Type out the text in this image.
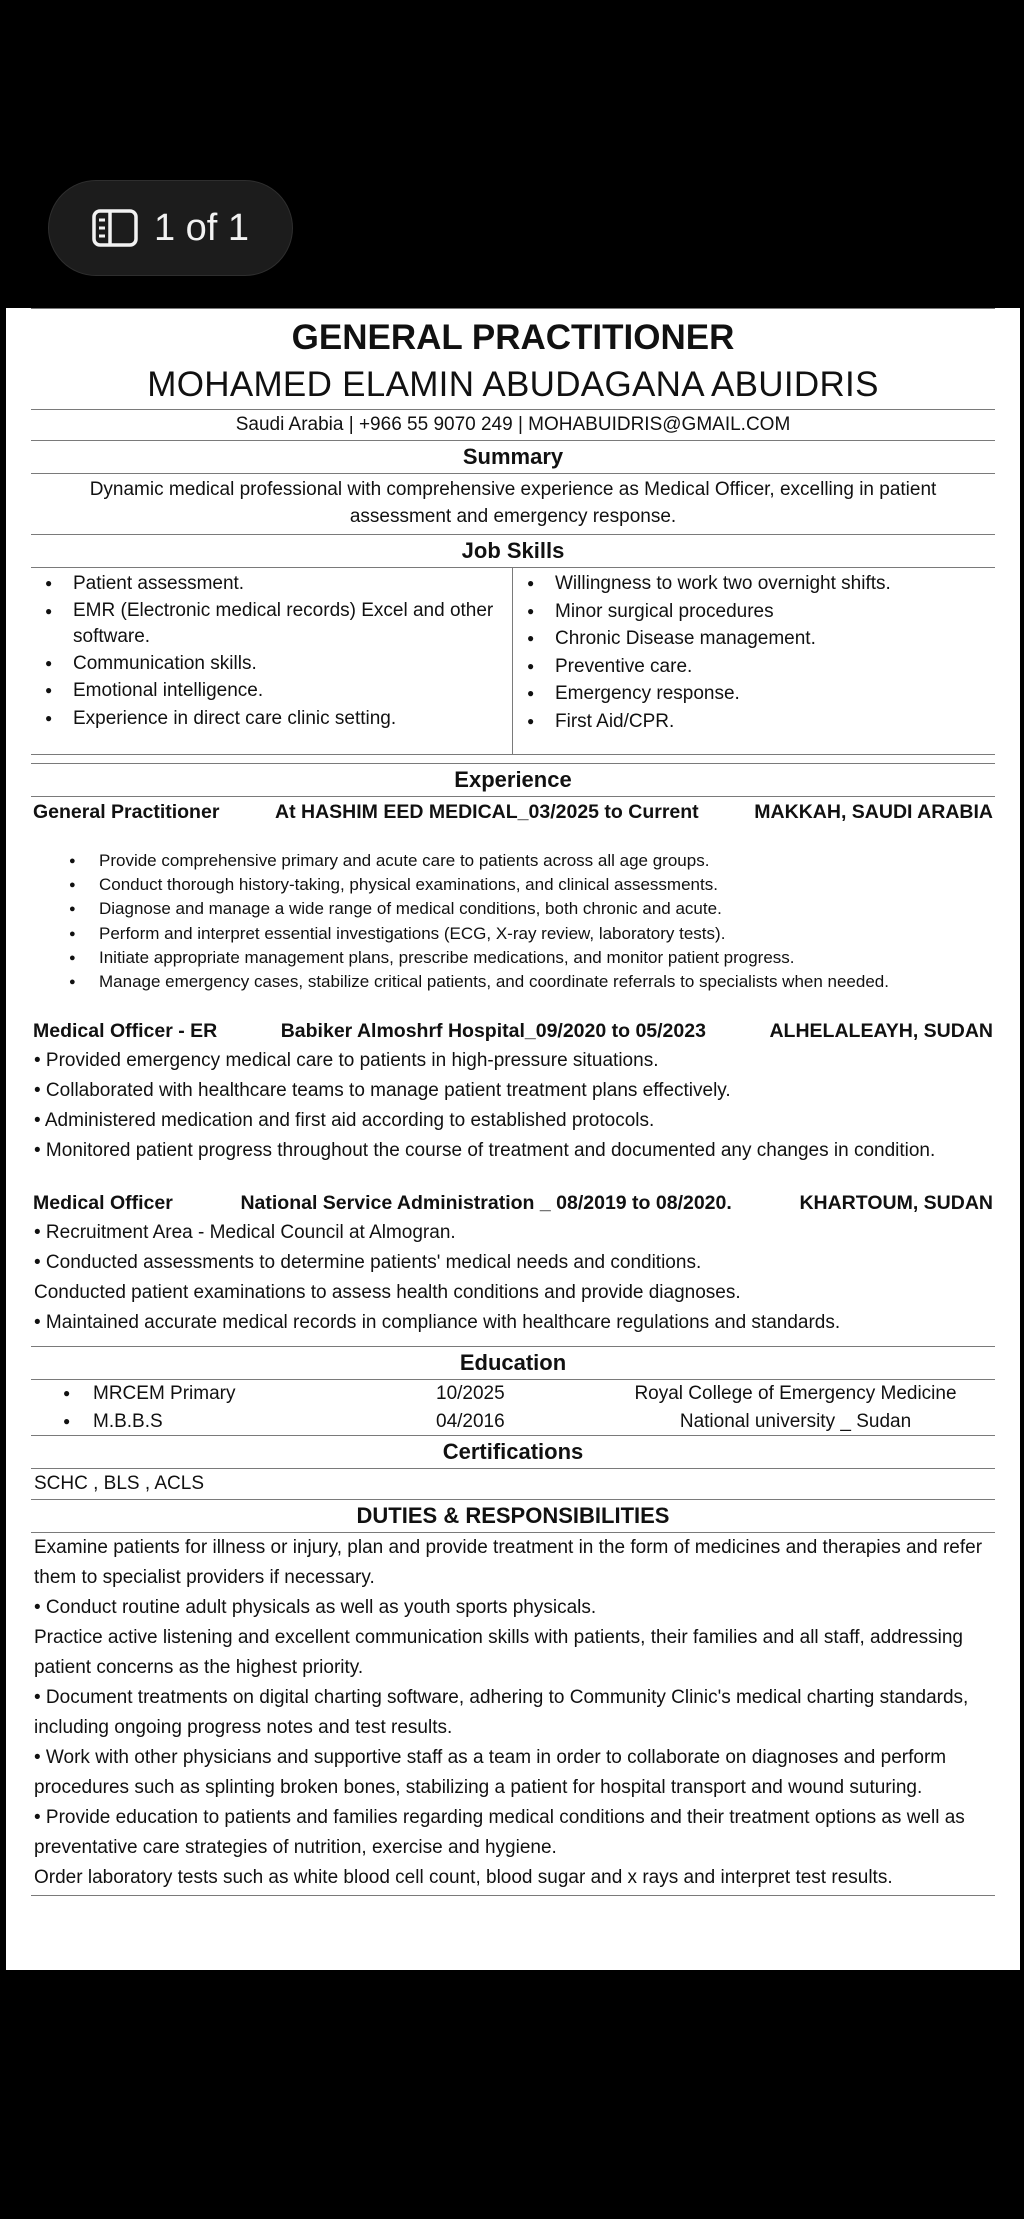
1 of 1
GENERAL PRACTITIONER
MOHAMED ELAMIN ABUDAGANA ABUIDRIS
Saudi Arabia | +966 55 9070 249 | MOHABUIDRIS@GMAIL.COM
Summary
Dynamic medical professional with comprehensive experience as Medical Officer, excelling in patient assessment and emergency response.
Job Skills
● Patient assessment.
● EMR (Electronic medical records) Excel and other software.
● Communication skills.
● Emotional intelligence.
● Experience in direct care clinic setting.
● Willingness to work two overnight shifts.
● Minor surgical procedures
● Chronic Disease management.
● Preventive care.
● Emergency response.
● First Aid/CPR.
Experience
General Practitioner	At HASHIM EED MEDICAL_03/2025 to Current	MAKKAH, SAUDI ARABIA
● Provide comprehensive primary and acute care to patients across all age groups.
● Conduct thorough history-taking, physical examinations, and clinical assessments.
● Diagnose and manage a wide range of medical conditions, both chronic and acute.
● Perform and interpret essential investigations (ECG, X-ray review, laboratory tests).
● Initiate appropriate management plans, prescribe medications, and monitor patient progress.
● Manage emergency cases, stabilize critical patients, and coordinate referrals to specialists when needed.
Medical Officer - ER	Babiker Almoshrf Hospital_09/2020 to 05/2023	ALHELALEAYH, SUDAN
• Provided emergency medical care to patients in high-pressure situations.
• Collaborated with healthcare teams to manage patient treatment plans effectively.
• Administered medication and first aid according to established protocols.
• Monitored patient progress throughout the course of treatment and documented any changes in condition.
Medical Officer	National Service Administration _ 08/2019 to 08/2020.	KHARTOUM, SUDAN
• Recruitment Area - Medical Council at Almogran.
• Conducted assessments to determine patients' medical needs and conditions.
Conducted patient examinations to assess health conditions and provide diagnoses.
• Maintained accurate medical records in compliance with healthcare regulations and standards.
Education
● MRCEM Primary	10/2025	Royal College of Emergency Medicine
● M.B.B.S	04/2016	National university _ Sudan
Certifications
SCHC , BLS , ACLS
DUTIES & RESPONSIBILITIES
Examine patients for illness or injury, plan and provide treatment in the form of medicines and therapies and refer them to specialist providers if necessary.
• Conduct routine adult physicals as well as youth sports physicals.
Practice active listening and excellent communication skills with patients, their families and all staff, addressing patient concerns as the highest priority.
• Document treatments on digital charting software, adhering to Community Clinic's medical charting standards, including ongoing progress notes and test results.
• Work with other physicians and supportive staff as a team in order to collaborate on diagnoses and perform procedures such as splinting broken bones, stabilizing a patient for hospital transport and wound suturing.
• Provide education to patients and families regarding medical conditions and their treatment options as well as preventative care strategies of nutrition, exercise and hygiene.
Order laboratory tests such as white blood cell count, blood sugar and x rays and interpret test results.
